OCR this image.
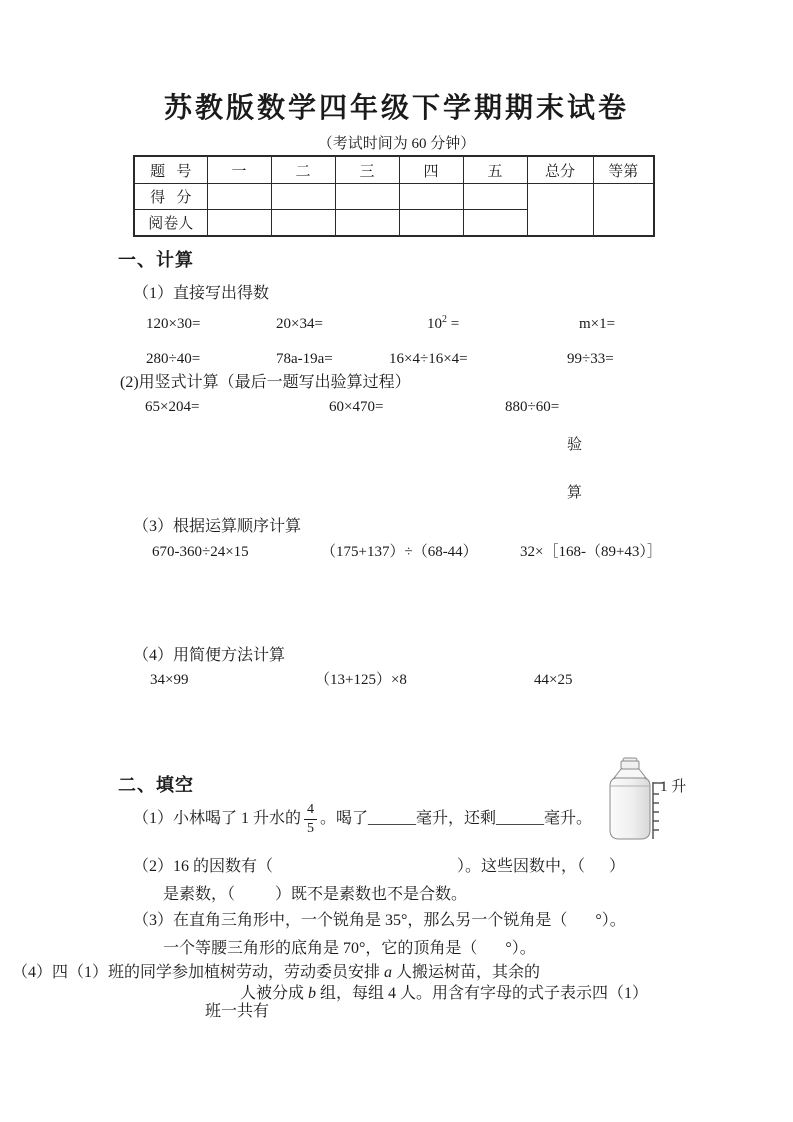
苏教版数学四年级下学期期末试卷
（考试时间为 60 分钟）
题   号	一	二	三	四	五	总分	等第
得   分							
阅卷人							
一、计算
（1）直接写出得数
120×30=	20×34=	$10^2$ =	m×1=
280÷40=	78a-19a=	16×4÷16×4=	99÷33=
(2)用竖式计算（最后一题写出验算过程）
65×204=	60×470=	880÷60=
验
算
（3）根据运算顺序计算
670-360÷24×15	（175+137）÷（68-44）	32×［168-（89+43）］
（4）用简便方法计算
34×99	（13+125）×8	44×25
二、填空
（1）小林喝了 1 升水的 $\frac{4}{5}$ 。喝了______毫升，还剩______毫升。
（2）16 的因数有（                                              ）。这些因数中，（      ）
是素数，（          ）既不是素数也不是合数。
（3）在直角三角形中，一个锐角是 35°，那么另一个锐角是（       °）。
一个等腰三角形的底角是 70°，它的顶角是（       °）。
（4）四（1）班的同学参加植树劳动，劳动委员安排 a 人搬运树苗，其余的
人被分成 b 组，每组 4 人。用含有字母的式子表示四（1）
班一共有
1 升
